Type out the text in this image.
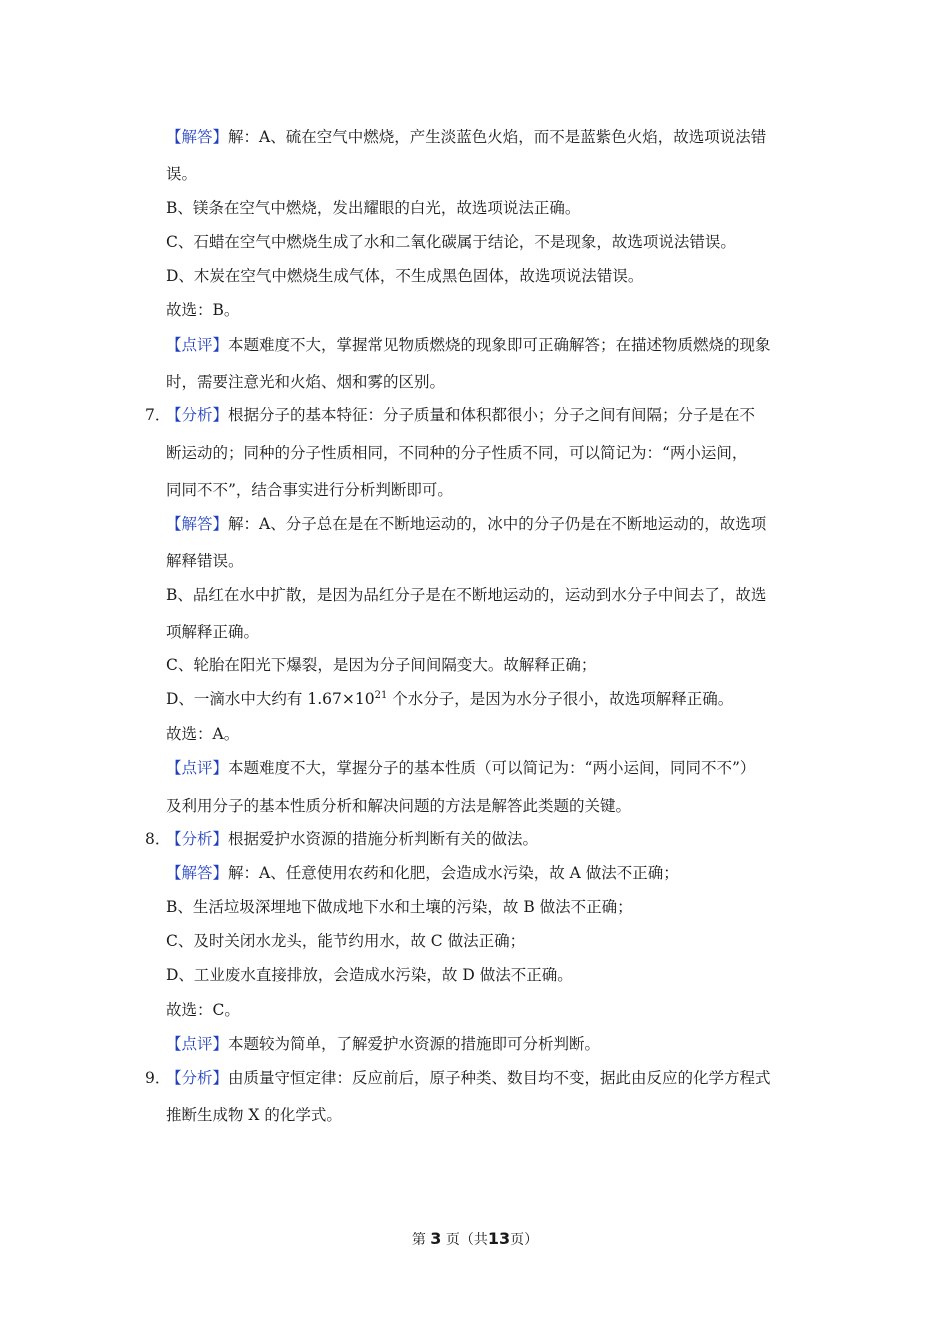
【解答】解：A、硫在空气中燃烧，产生淡蓝色火焰，而不是蓝紫色火焰，故选项说法错
误。
B、镁条在空气中燃烧，发出耀眼的白光，故选项说法正确。
C、石蜡在空气中燃烧生成了水和二氧化碳属于结论，不是现象，故选项说法错误。
D、木炭在空气中燃烧生成气体，不生成黑色固体，故选项说法错误。
故选：B。
【点评】本题难度不大，掌握常见物质燃烧的现象即可正确解答；在描述物质燃烧的现象
时，需要注意光和火焰、烟和雾的区别。
7．
【分析】根据分子的基本特征：分子质量和体积都很小；分子之间有间隔；分子是在不
断运动的；同种的分子性质相同，不同种的分子性质不同，可以简记为：“两小运间，
同同不不”，结合事实进行分析判断即可。
【解答】解：A、分子总在是在不断地运动的，冰中的分子仍是在不断地运动的，故选项
解释错误。
B、品红在水中扩散，是因为品红分子是在不断地运动的，运动到水分子中间去了，故选
项解释正确。
C、轮胎在阳光下爆裂，是因为分子间间隔变大。故解释正确；
D、一滴水中大约有 $1.67\times 10^{21}$ 个水分子，是因为水分子很小，故选项解释正确。
故选：A。
【点评】本题难度不大，掌握分子的基本性质（可以简记为：“两小运间，同同不不”）
及利用分子的基本性质分析和解决问题的方法是解答此类题的关键。
8．
【分析】根据爱护水资源的措施分析判断有关的做法。
【解答】解：A、任意使用农药和化肥，会造成水污染，故 A 做法不正确；
B、生活垃圾深埋地下做成地下水和土壤的污染，故 B 做法不正确；
C、及时关闭水龙头，能节约用水，故 C 做法正确；
D、工业废水直接排放，会造成水污染，故 D 做法不正确。
故选：C。
【点评】本题较为简单，了解爱护水资源的措施即可分析判断。
9．
【分析】由质量守恒定律：反应前后，原子种类、数目均不变，据此由反应的化学方程式
推断生成物 X 的化学式。
第 3 页（共13页）
